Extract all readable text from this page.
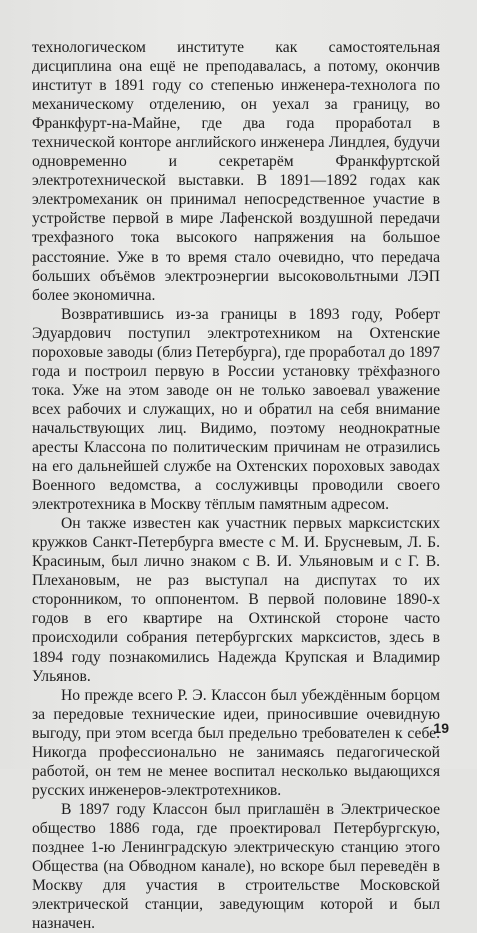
технологическом институте как самостоятельная дисциплина она ещё не преподавалась, а потому, окончив институт в 1891 году со степенью инженера-технолога по механическому отделению, он уехал за границу, во Франкфурт-на-Майне, где два года проработал в технической конторе английского инженера Линдлея, будучи одновременно и секретарём Франкфуртской электротехнической выставки. В 1891—1892 годах как электромеханик он принимал непосредственное участие в устройстве первой в мире Лафенской воздушной передачи трехфазного тока высокого напряжения на большое расстояние. Уже в то время стало очевидно, что передача больших объёмов электроэнергии высоковольтными ЛЭП более экономична.

Возвратившись из-за границы в 1893 году, Роберт Эдуардович поступил электротехником на Охтенские пороховые заводы (близ Петербурга), где проработал до 1897 года и построил первую в России установку трёхфазного тока. Уже на этом заводе он не только завоевал уважение всех рабочих и служащих, но и обратил на себя внимание начальствующих лиц. Видимо, поэтому неоднократные аресты Классона по политическим причинам не отразились на его дальнейшей службе на Охтенских пороховых заводах Военного ведомства, а сослуживцы проводили своего электротехника в Москву тёплым памятным адресом.

Он также известен как участник первых марксистских кружков Санкт-Петербурга вместе с М. И. Брусневым, Л. Б. Красиным, был лично знаком с В. И. Ульяновым и с Г. В. Плехановым, не раз выступал на диспутах то их сторонником, то оппонентом. В первой половине 1890-х годов в его квартире на Охтинской стороне часто происходили собрания петербургских марксистов, здесь в 1894 году познакомились Надежда Крупская и Владимир Ульянов.

Но прежде всего Р. Э. Классон был убеждённым борцом за передовые технические идеи, приносившие очевидную выгоду, при этом всегда был предельно требователен к себе. Никогда профессионально не занимаясь педагогической работой, он тем не менее воспитал несколько выдающихся русских инженеров-электротехников.

В 1897 году Классон был приглашён в Электрическое общество 1886 года, где проектировал Петербургскую, позднее 1-ю Ленинградскую электрическую станцию этого Общества (на Обводном канале), но вскоре был переведён в Москву для участия в строительстве Московской электрической станции, заведующим которой и был назначен.

19
